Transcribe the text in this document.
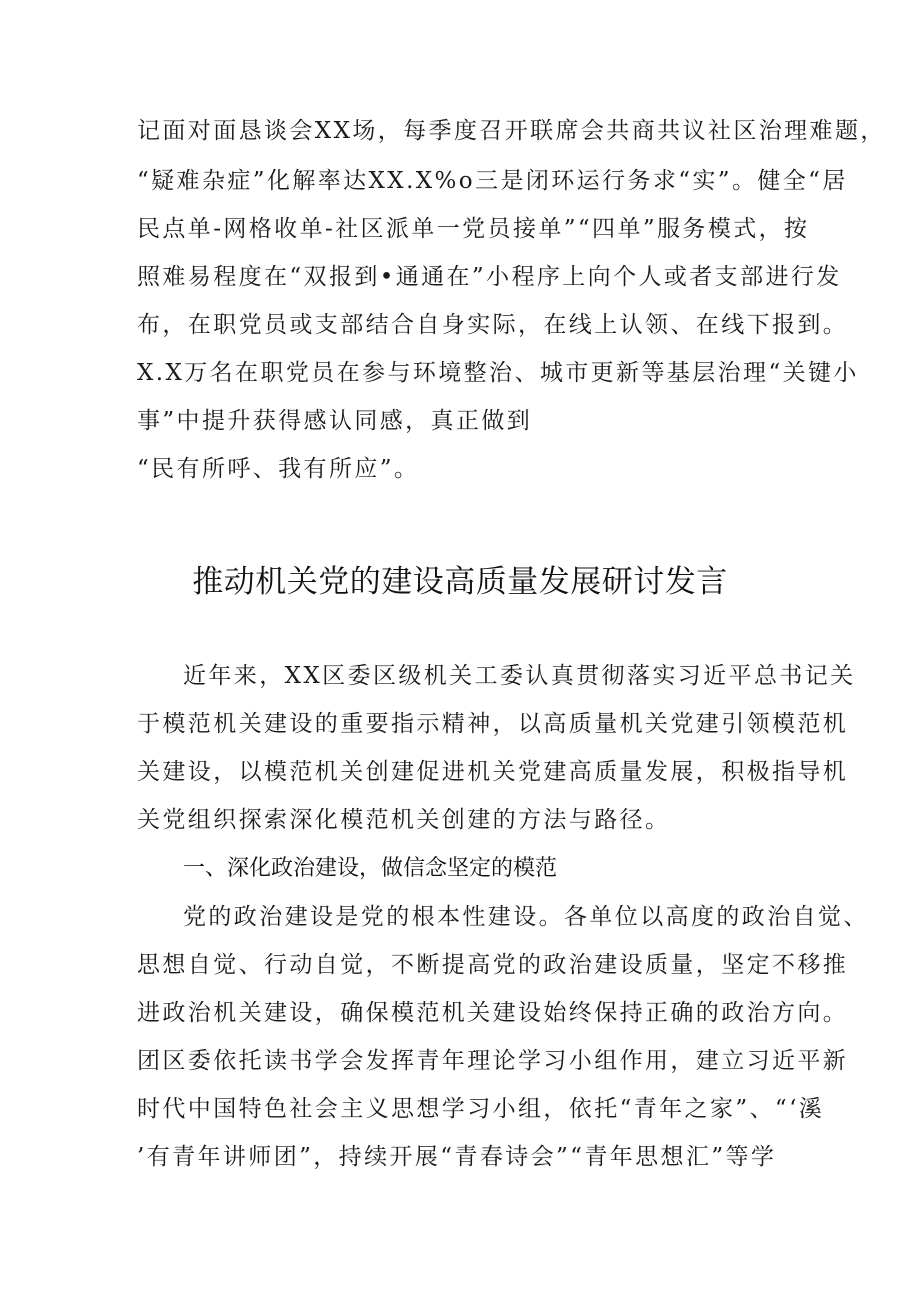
记面对面恳谈会XX场，每季度召开联席会共商共议社区治理难题，
“疑难杂症”化解率达XX.X%o三是闭环运行务求“实”。健全“居
民点单-网格收单-社区派单一党员接单”“四单”服务模式，按
照难易程度在“双报到•通通在”小程序上向个人或者支部进行发
布，在职党员或支部结合自身实际，在线上认领、在线下报到。
X.X万名在职党员在参与环境整治、城市更新等基层治理“关键小
事”中提升获得感认同感，真正做到
“民有所呼、我有所应”。
推动机关党的建设高质量发展研讨发言
近年来，XX区委区级机关工委认真贯彻落实习近平总书记关
于模范机关建设的重要指示精神，以高质量机关党建引领模范机
关建设，以模范机关创建促进机关党建高质量发展，积极指导机
关党组织探索深化模范机关创建的方法与路径。
一、深化政治建设，做信念坚定的模范
党的政治建设是党的根本性建设。各单位以高度的政治自觉、
思想自觉、行动自觉，不断提高党的政治建设质量，坚定不移推
进政治机关建设，确保模范机关建设始终保持正确的政治方向。
团区委依托读书学会发挥青年理论学习小组作用，建立习近平新
时代中国特色社会主义思想学习小组，依托“青年之家”、“‘溪
’有青年讲师团”，持续开展“青春诗会”“青年思想汇”等学
